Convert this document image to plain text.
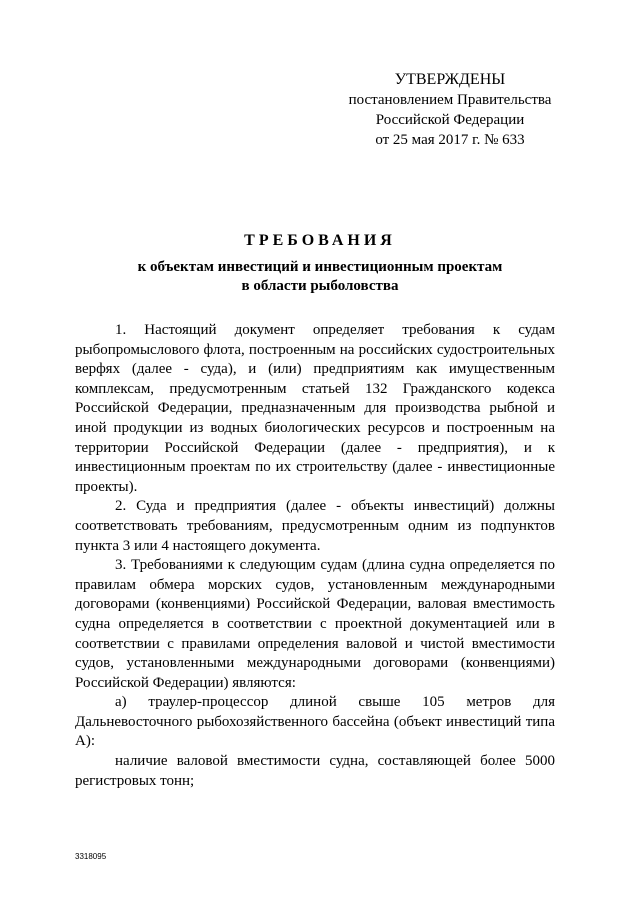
УТВЕРЖДЕНЫ
постановлением Правительства
Российской Федерации
от 25 мая 2017 г. № 633
ТРЕБОВАНИЯ
к объектам инвестиций и инвестиционным проектам
в области рыболовства

1. Настоящий документ определяет требования к судам рыбопромыслового флота, построенным на российских судостроительных верфях (далее - суда), и (или) предприятиям как имущественным комплексам, предусмотренным статьей 132 Гражданского кодекса Российской Федерации, предназначенным для производства рыбной и иной продукции из водных биологических ресурсов и построенным на территории Российской Федерации (далее - предприятия), и к инвестиционным проектам по их строительству (далее - инвестиционные проекты).

2. Суда и предприятия (далее - объекты инвестиций) должны соответствовать требованиям, предусмотренным одним из подпунктов пункта 3 или 4 настоящего документа.

3. Требованиями к следующим судам (длина судна определяется по правилам обмера морских судов, установленным международными договорами (конвенциями) Российской Федерации, валовая вместимость судна определяется в соответствии с проектной документацией или в соответствии с правилами определения валовой и чистой вместимости судов, установленными международными договорами (конвенциями) Российской Федерации) являются:

а) траулер-процессор длиной свыше 105 метров для Дальневосточного рыбохозяйственного бассейна (объект инвестиций типа А):

наличие валовой вместимости судна, составляющей более 5000 регистровых тонн;

3318095
